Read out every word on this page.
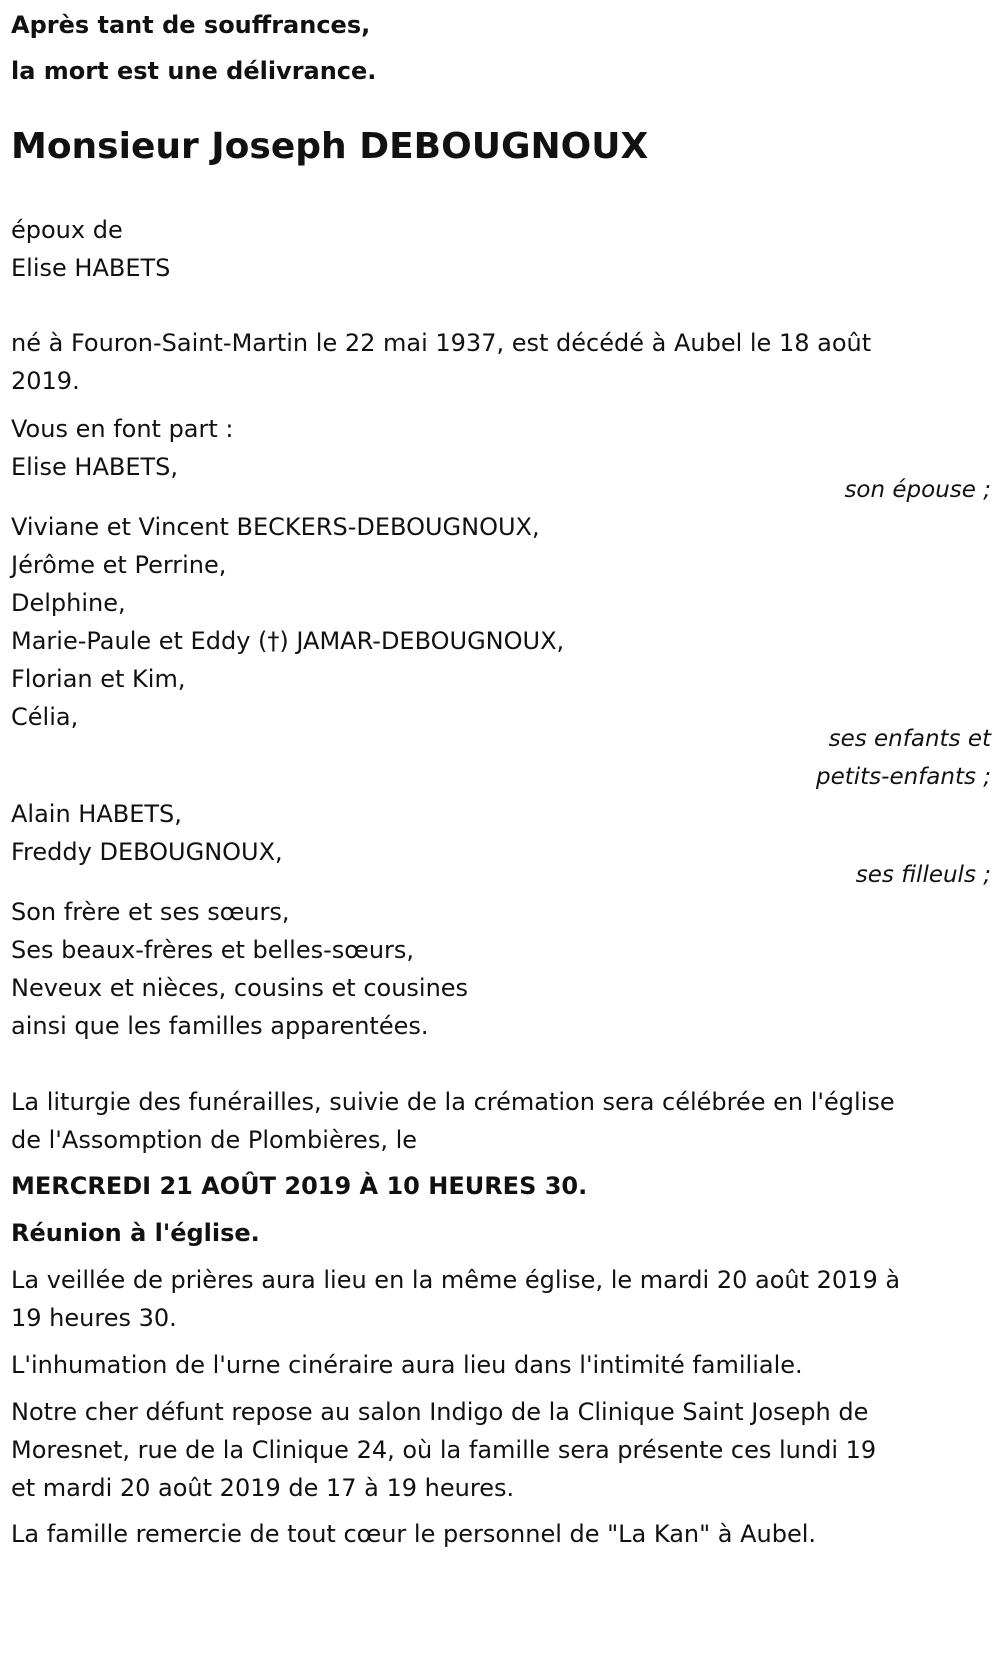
Après tant de souffrances,

la mort est une délivrance.

Monsieur Joseph DEBOUGNOUX

époux de

Elise HABETS

né à Fouron-Saint-Martin le 22 mai 1937, est décédé à Aubel le 18 août

2019.

Vous en font part :

Elise HABETS,

son épouse ;

Viviane et Vincent BECKERS-DEBOUGNOUX,

Jérôme et Perrine,

Delphine,

Marie-Paule et Eddy (†) JAMAR-DEBOUGNOUX,

Florian et Kim,

Célia,

ses enfants et

petits-enfants ;

Alain HABETS,

Freddy DEBOUGNOUX,

ses filleuls ;

Son frère et ses sœurs,

Ses beaux-frères et belles-sœurs,

Neveux et nièces, cousins et cousines

ainsi que les familles apparentées.

La liturgie des funérailles, suivie de la crémation sera célébrée en l'église

de l'Assomption de Plombières, le

MERCREDI 21 AOÛT 2019 À 10 HEURES 30.

Réunion à l'église.

La veillée de prières aura lieu en la même église, le mardi 20 août 2019 à

19 heures 30.

L'inhumation de l'urne cinéraire aura lieu dans l'intimité familiale.

Notre cher défunt repose au salon Indigo de la Clinique Saint Joseph de

Moresnet, rue de la Clinique 24, où la famille sera présente ces lundi 19

et mardi 20 août 2019 de 17 à 19 heures.

La famille remercie de tout cœur le personnel de "La Kan" à Aubel.
